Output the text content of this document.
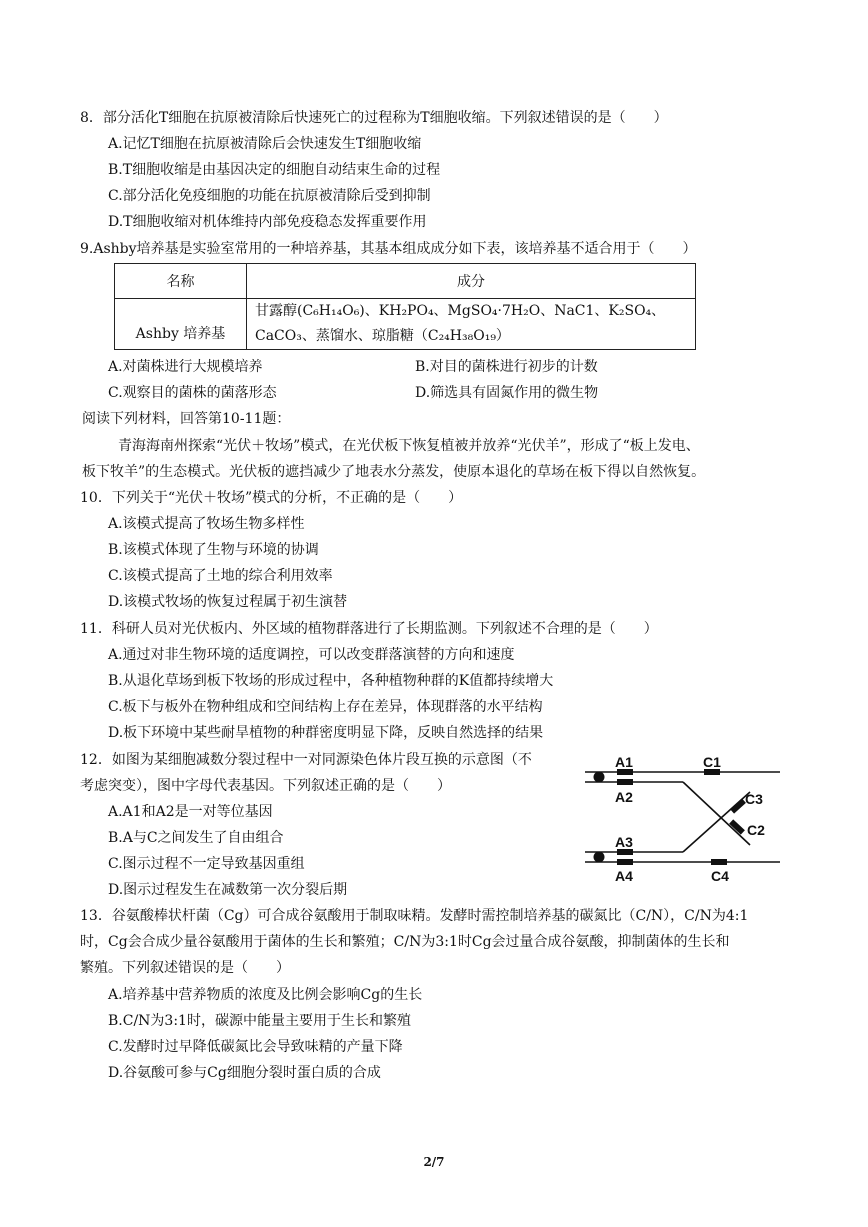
8．部分活化T细胞在抗原被清除后快速死亡的过程称为T细胞收缩。下列叙述错误的是（　　）
A.记忆T细胞在抗原被清除后会快速发生T细胞收缩
B.T细胞收缩是由基因决定的细胞自动结束生命的过程
C.部分活化免疫细胞的功能在抗原被清除后受到抑制
D.T细胞收缩对机体维持内部免疫稳态发挥重要作用
9.Ashby培养基是实验室常用的一种培养基，其基本组成成分如下表，该培养基不适合用于（　　）
名称	成分
Ashby 培养基	甘露醇(C₆H₁₄O₆)、KH₂PO₄、MgSO₄·7H₂O、NaC1、K₂SO₄、
CaCO₃、蒸馏水、琼脂糖（C₂₄H₃₈O₁₉）
A.对菌株进行大规模培养	B.对目的菌株进行初步的计数
C.观察目的菌株的菌落形态	D.筛选具有固氮作用的微生物
阅读下列材料，回答第10-11题：
青海海南州探索“光伏＋牧场”模式，在光伏板下恢复植被并放养“光伏羊”，形成了“板上发电、
板下牧羊”的生态模式。光伏板的遮挡减少了地表水分蒸发，使原本退化的草场在板下得以自然恢复。
10．下列关于“光伏＋牧场”模式的分析，不正确的是（　　）
A.该模式提高了牧场生物多样性
B.该模式体现了生物与环境的协调
C.该模式提高了土地的综合利用效率
D.该模式牧场的恢复过程属于初生演替
11．科研人员对光伏板内、外区域的植物群落进行了长期监测。下列叙述不合理的是（　　）
A.通过对非生物环境的适度调控，可以改变群落演替的方向和速度
B.从退化草场到板下牧场的形成过程中，各种植物种群的K值都持续增大
C.板下与板外在物种组成和空间结构上存在差异，体现群落的水平结构
D.板下环境中某些耐旱植物的种群密度明显下降，反映自然选择的结果
12．如图为某细胞减数分裂过程中一对同源染色体片段互换的示意图（不
考虑突变），图中字母代表基因。下列叙述正确的是（　　）
A.A1和A2是一对等位基因
B.A与C之间发生了自由组合
C.图示过程不一定导致基因重组
D.图示过程发生在减数第一次分裂后期
A1
A2
A3
A4
C1
C2
C3
C4
13．谷氨酸棒状杆菌（Cg）可合成谷氨酸用于制取味精。发酵时需控制培养基的碳氮比（C/N），C/N为4:1
时，Cg会合成少量谷氨酸用于菌体的生长和繁殖；C/N为3:1时Cg会过量合成谷氨酸，抑制菌体的生长和
繁殖。下列叙述错误的是（　　）
A.培养基中营养物质的浓度及比例会影响Cg的生长
B.C/N为3:1时，碳源中能量主要用于生长和繁殖
C.发酵时过早降低碳氮比会导致味精的产量下降
D.谷氨酸可参与Cg细胞分裂时蛋白质的合成
2/7
